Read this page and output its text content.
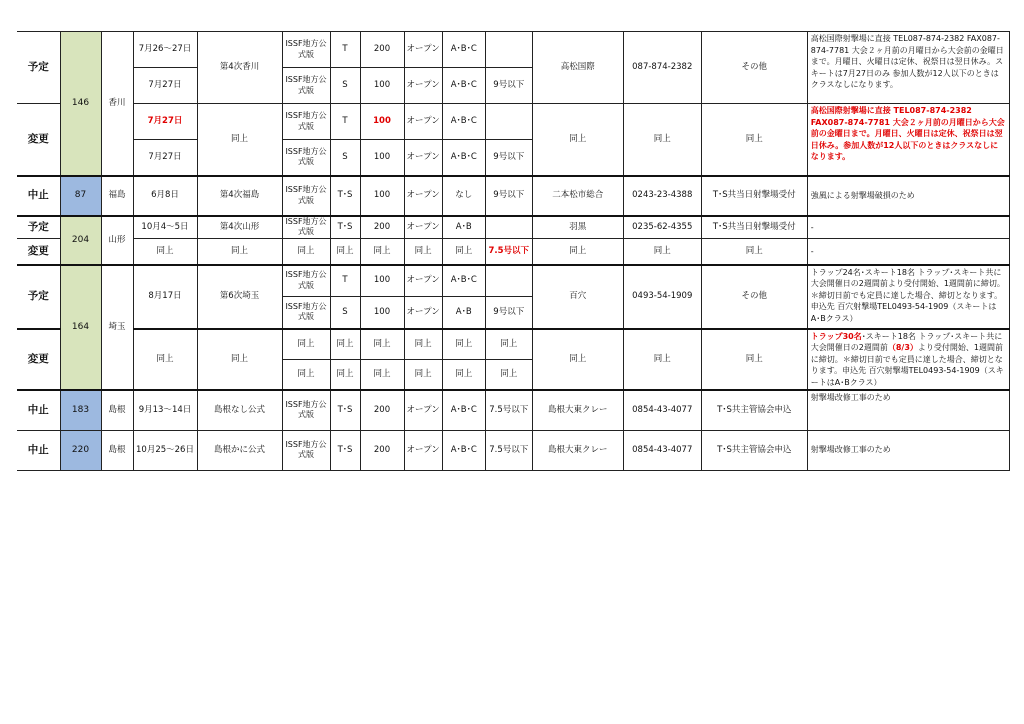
予定	146	香川	7月26～27日	第4次香川	ISSF地方公式版	T	200	オープン	A･B･C		高松国際	087-874-2382	その他	高松国際射撃場に直接 TEL087-874-2382 FAX087-874-7781 大会２ヶ月前の月曜日から大会前の金曜日まで。月曜日、火曜日は定休、祝祭日は翌日休み。スキートは7月27日のみ 参加人数が12人以下のときはクラスなしになります。
			7月27日		ISSF地方公式版	S	100	オープン	A･B･C	9号以下				
変更			7月27日	同上	ISSF地方公式版	T	100	オープン	A･B･C		同上	同上	同上	高松国際射撃場に直接 TEL087-874-2382 FAX087-874-7781 大会２ヶ月前の月曜日から大会前の金曜日まで。月曜日、火曜日は定休、祝祭日は翌日休み。参加人数が12人以下のときはクラスなしになります。
			7月27日		ISSF地方公式版	S	100	オープン	A･B･C	9号以下				
中止	87	福島	6月8日	第4次福島	ISSF地方公式版	T･S	100	オープン	なし	9号以下	二本松市総合	0243-23-4388	T･S共当日射撃場受付	強風による射撃場破損のため
予定	204	山形	10月4～5日	第4次山形	ISSF地方公式版	T･S	200	オープン	A･B		羽黒	0235-62-4355	T･S共当日射撃場受付	-
変更			同上	同上	同上	同上	同上	同上	同上	7.5号以下	同上	同上	同上	-
予定	164	埼玉	8月17日	第6次埼玉	ISSF地方公式版	T	100	オープン	A･B･C		百穴	0493-54-1909	その他	トラップ24名･スキート18名 トラップ･スキート共に大会開催日の2週間前より受付開始、1週間前に締切。＊締切日前でも定員に達した場合、締切となります。申込先 百穴射撃場TEL0493-54-1909（スキートはA･Bクラス）
					ISSF地方公式版	S	100	オープン	A･B	9号以下				
変更			同上	同上	同上	同上	同上	同上	同上	同上	同上	同上	同上	トラップ30名･スキート18名 トラップ･スキート共に大会開催日の2週間前（8/3）より受付開始、1週間前に締切。＊締切日前でも定員に達した場合、締切となります。申込先 百穴射撃場TEL0493-54-1909（スキートはA･Bクラス）
					同上	同上	同上	同上	同上	同上				
中止	183	島根	9月13～14日	島根なし公式	ISSF地方公式版	T･S	200	オープン	A･B･C	7.5号以下	島根大東クレー	0854-43-4077	T･S共主管協会申込	射撃場改修工事のため
中止	220	島根	10月25～26日	島根かに公式	ISSF地方公式版	T･S	200	オープン	A･B･C	7.5号以下	島根大東クレー	0854-43-4077	T･S共主管協会申込	射撃場改修工事のため
